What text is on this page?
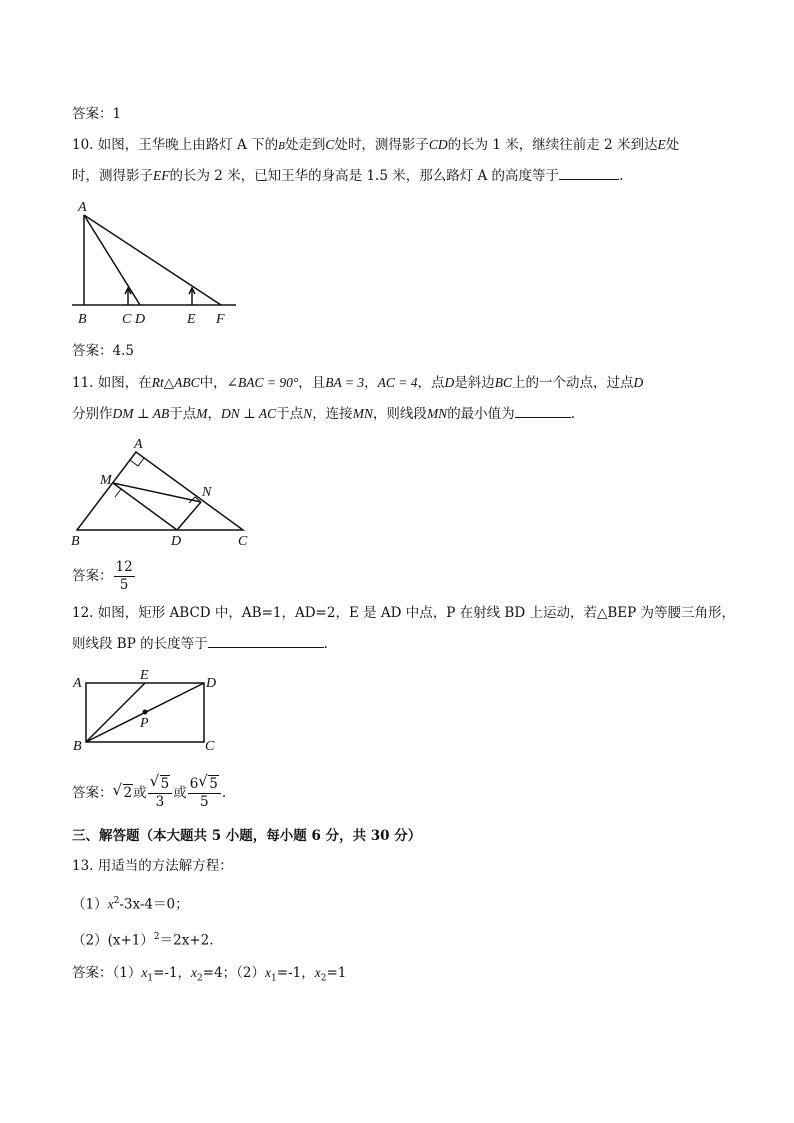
答案：1
10. 如图，王华晚上由路灯 A 下的B处走到C处时，测得影子CD的长为 1 米，继续往前走 2 米到达E处
时，测得影子EF的长为 2 米，已知王华的身高是 1.5 米，那么路灯 A 的高度等于	.
A
B	C D	E F
答案：4.5
11. 如图，在Rt△ABC中，∠BAC = 90°，且BA = 3，AC = 4，点D是斜边BC上的一个动点，过点D
分别作DM ⊥ AB于点M，DN ⊥ AC于点N，连接MN，则线段MN的最小值为	.
A
M
N
B	D	C
答案： $\frac{12}{5}$
12. 如图，矩形 ABCD 中，AB=1，AD=2，E 是 AD 中点，P 在射线 BD 上运动，若△BEP 为等腰三角形，
则线段 BP 的长度等于	.
A
E
D
P
B	C
答案： √ 2或 $\frac{√ 5}{3}$ 或 $\frac{6 √ 5}{5}$ .
三、解答题（本大题共 5 小题，每小题 6 分，共 30 分）
13. 用适当的方法解方程：
$(1)x^2-3x-4=0$；
（2）(x+1）$^2$＝2x+2.
答案：$(1)x_1=-1$，$x_2=4$；$(2)x_1=-1$，$x_2=1$
